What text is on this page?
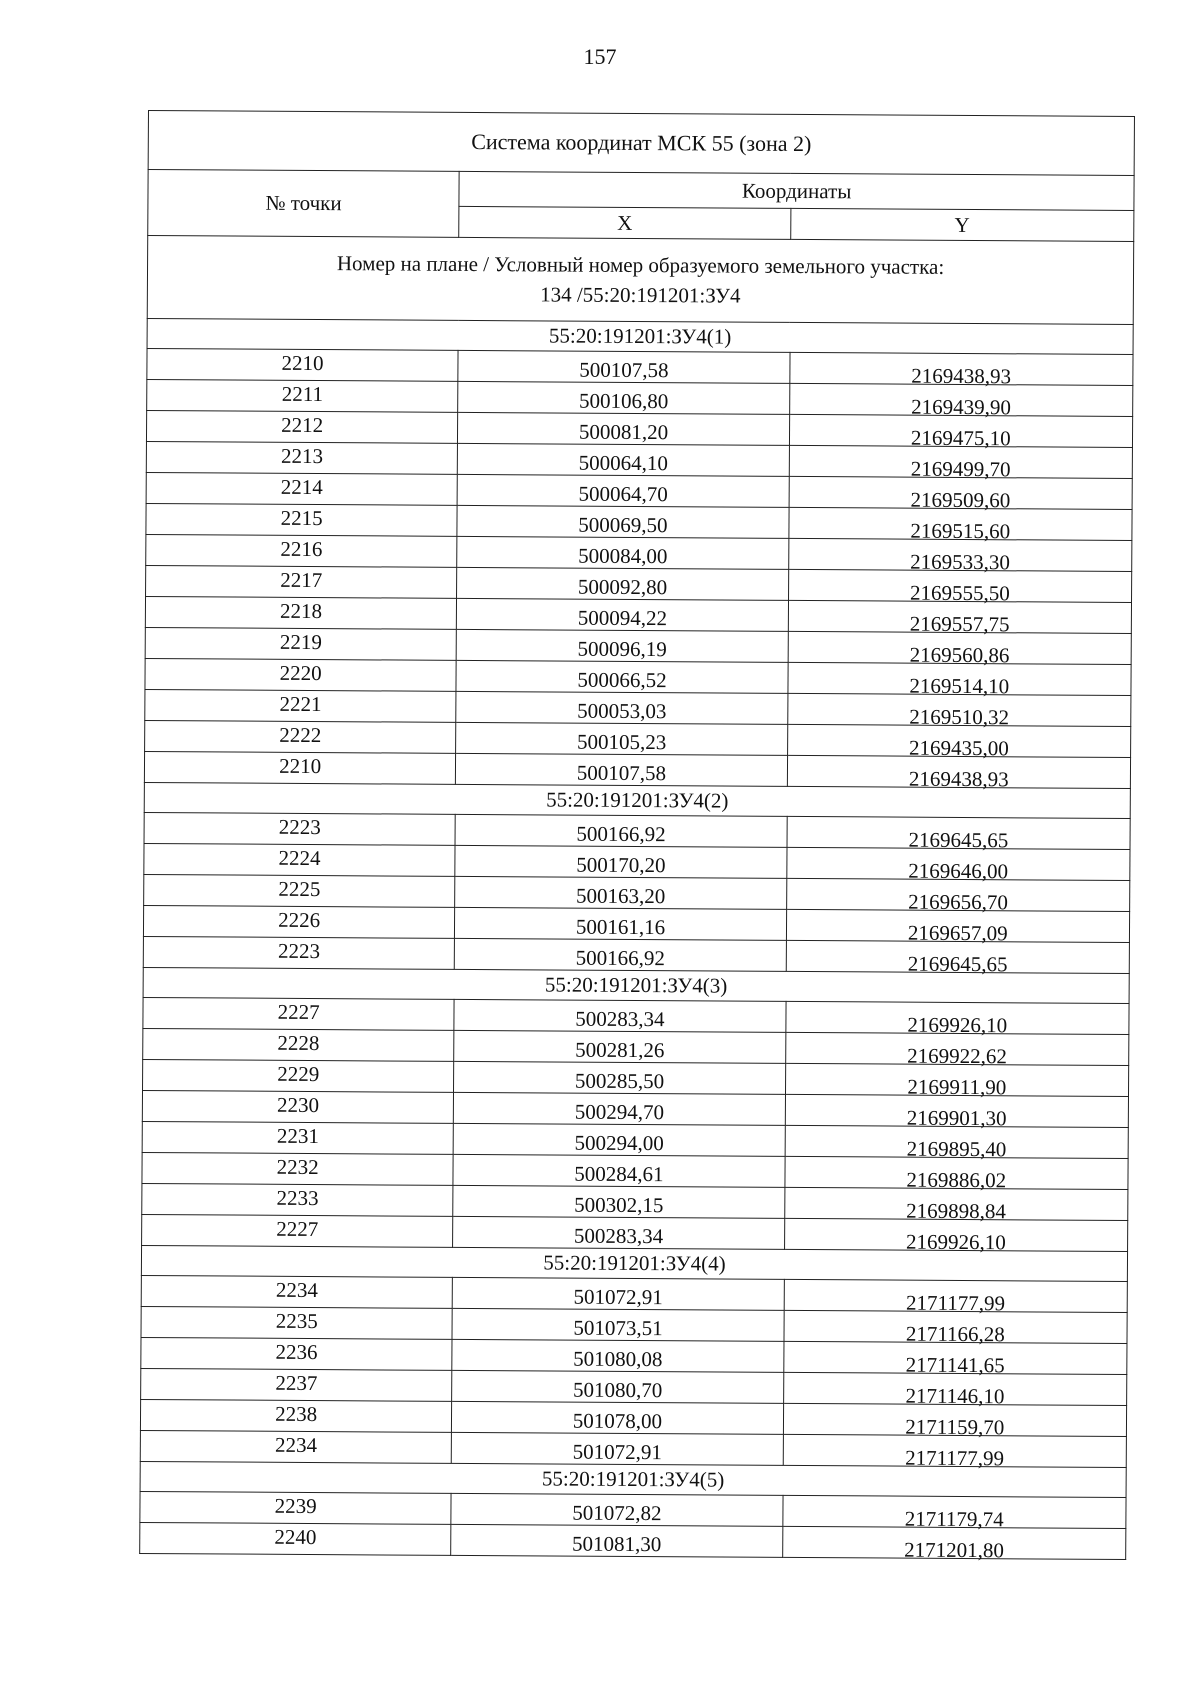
157
Система координат МСК 55 (зона 2)		
№ точки	Координаты	
	X	Y

Номер на плане / Условный номер образуемого земельного участка:
134 /55:20:191201:ЗУ4		

55:20:191201:ЗУ4(1)		
2210	500107,58	2169438,93
2211	500106,80	2169439,90
2212	500081,20	2169475,10
2213	500064,10	2169499,70
2214	500064,70	2169509,60
2215	500069,50	2169515,60
2216	500084,00	2169533,30
2217	500092,80	2169555,50
2218	500094,22	2169557,75
2219	500096,19	2169560,86
2220	500066,52	2169514,10
2221	500053,03	2169510,32
2222	500105,23	2169435,00
2210	500107,58	2169438,93
55:20:191201:ЗУ4(2)		
2223	500166,92	2169645,65
2224	500170,20	2169646,00
2225	500163,20	2169656,70
2226	500161,16	2169657,09
2223	500166,92	2169645,65
55:20:191201:ЗУ4(3)		
2227	500283,34	2169926,10
2228	500281,26	2169922,62
2229	500285,50	2169911,90
2230	500294,70	2169901,30
2231	500294,00	2169895,40
2232	500284,61	2169886,02
2233	500302,15	2169898,84
2227	500283,34	2169926,10
55:20:191201:ЗУ4(4)		
2234	501072,91	2171177,99
2235	501073,51	2171166,28
2236	501080,08	2171141,65
2237	501080,70	2171146,10
2238	501078,00	2171159,70
2234	501072,91	2171177,99
55:20:191201:ЗУ4(5)		
2239	501072,82	2171179,74
2240	501081,30	2171201,80
